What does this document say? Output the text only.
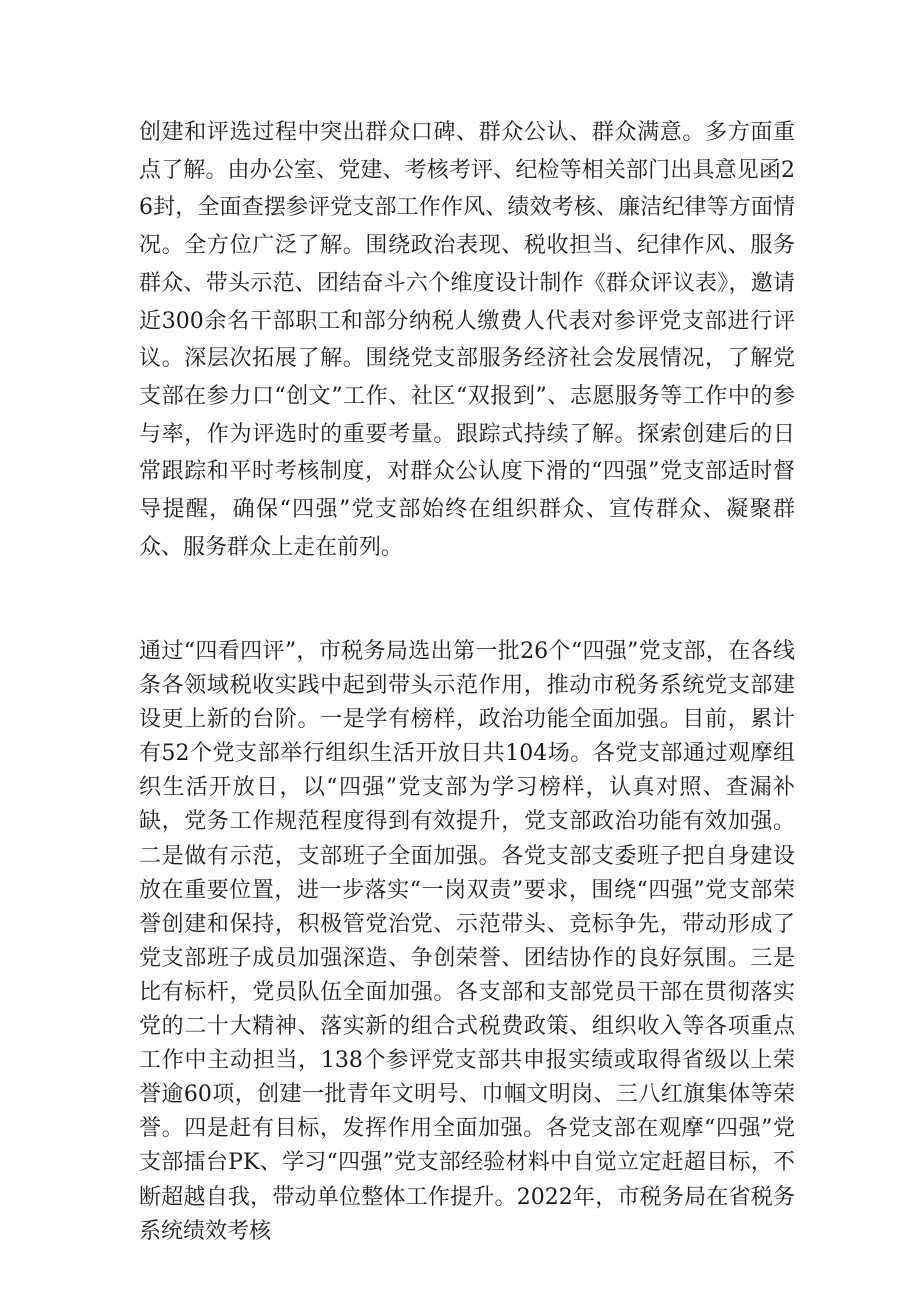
创建和评选过程中突出群众口碑、群众公认、群众满意。多方面重点了解。由办公室、党建、考核考评、纪检等相关部门出具意见函26封，全面查摆参评党支部工作作风、绩效考核、廉洁纪律等方面情况。全方位广泛了解。围绕政治表现、税收担当、纪律作风、服务群众、带头示范、团结奋斗六个维度设计制作《群众评议表》，邀请近300余名干部职工和部分纳税人缴费人代表对参评党支部进行评议。深层次拓展了解。围绕党支部服务经济社会发展情况，了解党支部在参力口“创文”工作、社区“双报到”、志愿服务等工作中的参与率，作为评选时的重要考量。跟踪式持续了解。探索创建后的日常跟踪和平时考核制度，对群众公认度下滑的“四强”党支部适时督导提醒，确保“四强”党支部始终在组织群众、宣传群众、凝聚群众、服务群众上走在前列。

通过“四看四评”，市税务局选出第一批26个“四强”党支部，在各线条各领域税收实践中起到带头示范作用，推动市税务系统党支部建设更上新的台阶。一是学有榜样，政治功能全面加强。目前，累计有52个党支部举行组织生活开放日共104场。各党支部通过观摩组织生活开放日，以“四强”党支部为学习榜样，认真对照、查漏补缺，党务工作规范程度得到有效提升，党支部政治功能有效加强。二是做有示范，支部班子全面加强。各党支部支委班子把自身建设放在重要位置，进一步落实“一岗双责”要求，围绕“四强”党支部荣誉创建和保持，积极管党治党、示范带头、竞标争先，带动形成了党支部班子成员加强深造、争创荣誉、团结协作的良好氛围。三是比有标杆，党员队伍全面加强。各支部和支部党员干部在贯彻落实党的二十大精神、落实新的组合式税费政策、组织收入等各项重点工作中主动担当，138个参评党支部共申报实绩或取得省级以上荣誉逾60项，创建一批青年文明号、巾帼文明岗、三八红旗集体等荣誉。四是赶有目标，发挥作用全面加强。各党支部在观摩“四强”党支部擂台PK、学习“四强”党支部经验材料中自觉立定赶超目标，不断超越自我，带动单位整体工作提升。2022年，市税务局在省税务系统绩效考核
